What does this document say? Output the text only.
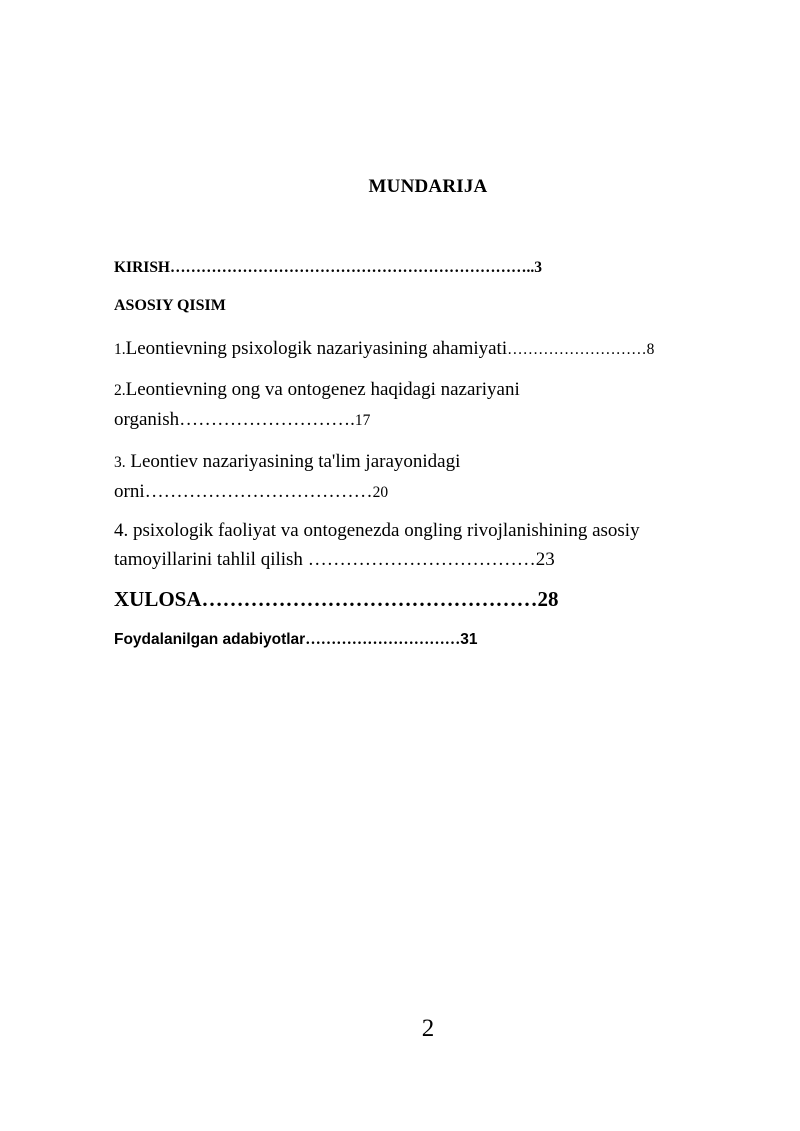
MUNDARIJA
KIRISH……………………………………………………………..3
ASOSIY QISIM
1.Leontievning psixologik nazariyasining ahamiyati………………………8
2.Leontievning ong va ontogenez haqidagi nazariyani
organish……………………….17
3. Leontiev nazariyasining ta'lim jarayonidagi
orni………………………………20
4. psixologik faoliyat va ontogenezda ongling rivojlanishining asosiy
tamoyillarini tahlil qilish ………………………………23
XULOSA…………………………………………28
Foydalanilgan adabiyotlar…………………………31
2
